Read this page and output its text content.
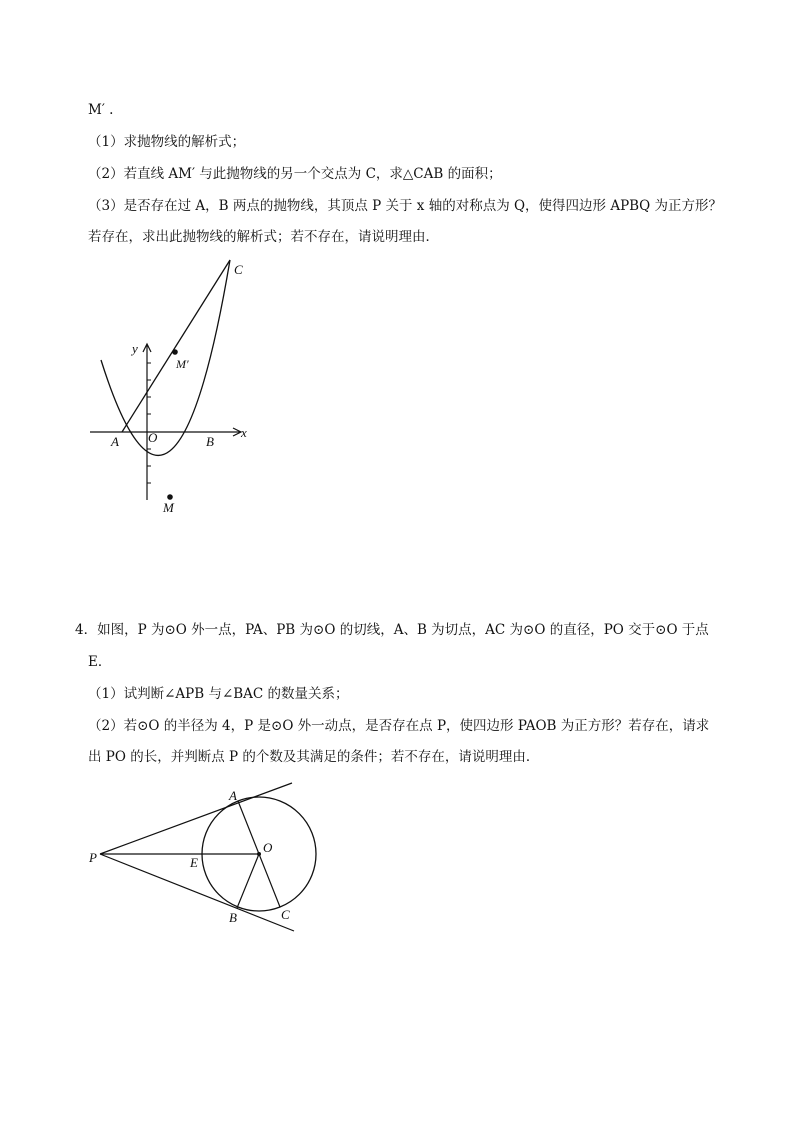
M′ .
（1）求抛物线的解析式；
（2）若直线 AM′ 与此抛物线的另一个交点为 C，求△CAB 的面积；
（3）是否存在过 A，B 两点的抛物线，其顶点 P 关于 x 轴的对称点为 Q，使得四边形 APBQ 为正方形？
若存在，求出此抛物线的解析式；若不存在，请说明理由．
C
y
x
M′
A O	B
M
4．如图，P 为⊙O 外一点，PA、PB 为⊙O 的切线，A、B 为切点，AC 为⊙O 的直径，PO 交于⊙O 于点
E．
（1）试判断∠APB 与∠BAC 的数量关系；
（2）若⊙O 的半径为 4，P 是⊙O 外一动点，是否存在点 P，使四边形 PAOB 为正方形？若存在，请求
出 PO 的长，并判断点 P 的个数及其满足的条件；若不存在，请说明理由．
A
O
P	E
B	C
